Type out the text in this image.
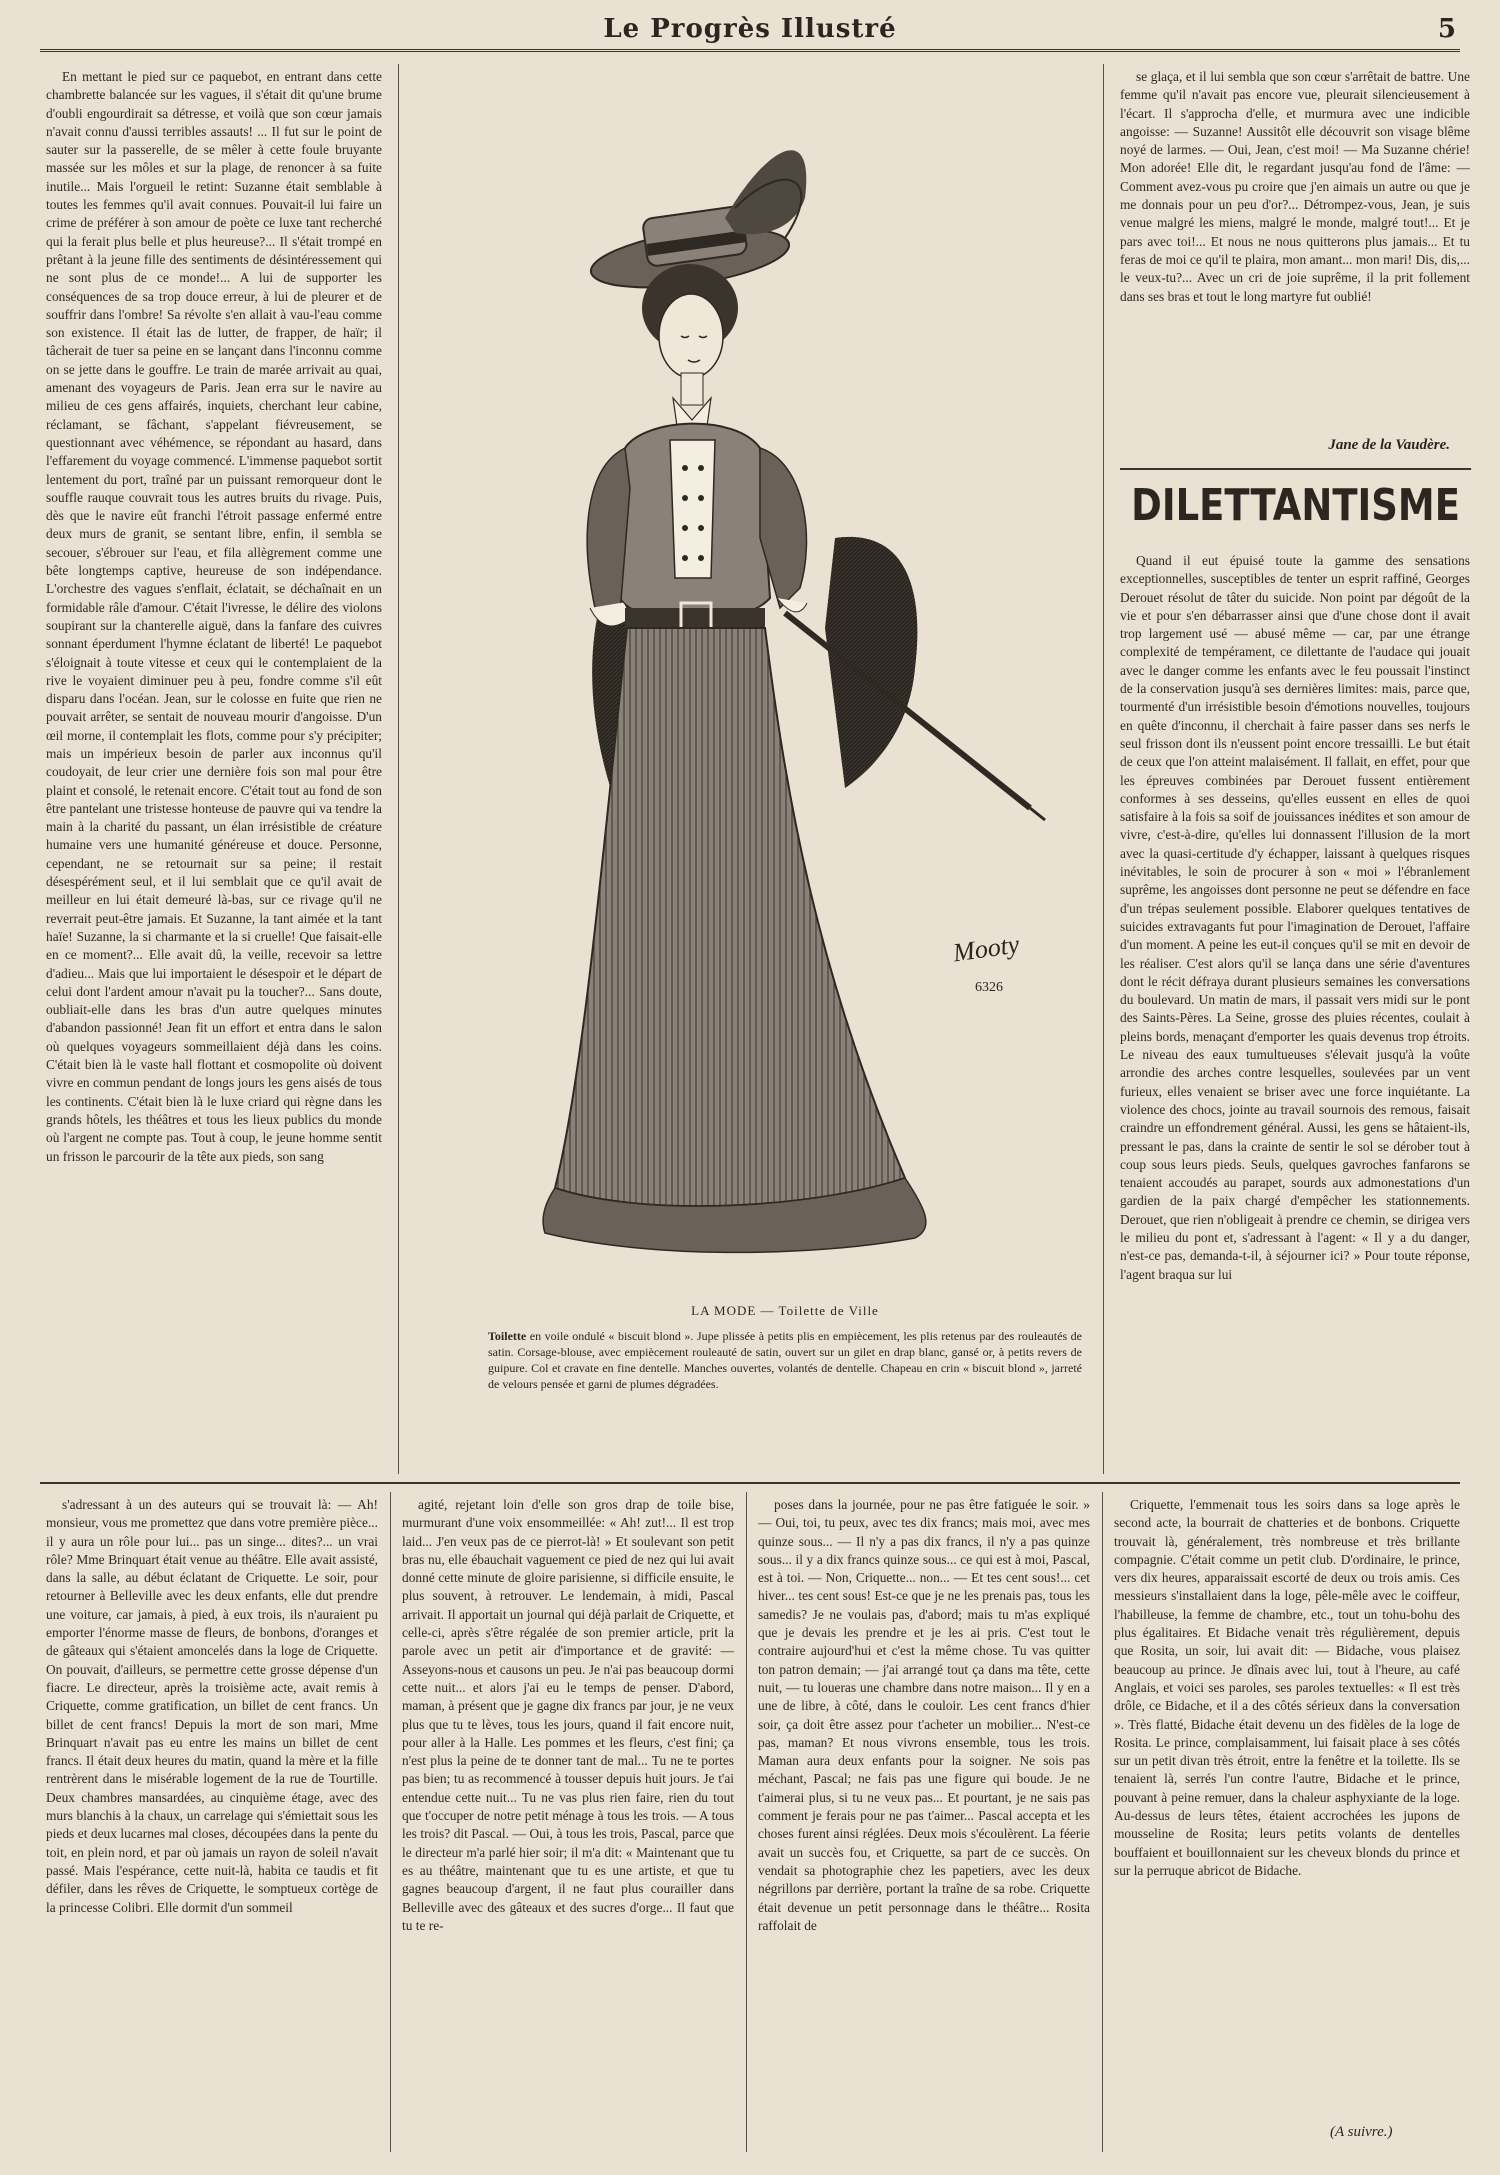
Le Progrès Illustré	5

En mettant le pied sur ce paquebot, en entrant dans cette chambrette balancée sur les vagues, il s'était dit qu'une brume d'oubli engourdirait sa détresse, et voilà que son cœur jamais n'avait connu d'aussi terribles assauts! ... Il fut sur le point de sauter sur la passerelle, de se mêler à cette foule bruyante massée sur les môles et sur la plage, de renoncer à sa fuite inutile... Mais l'orgueil le retint: Suzanne était semblable à toutes les femmes qu'il avait connues. Pouvait-il lui faire un crime de préférer à son amour de poète ce luxe tant recherché qui la ferait plus belle et plus heureuse?... Il s'était trompé en prêtant à la jeune fille des sentiments de désintéressement qui ne sont plus de ce monde!... A lui de supporter les conséquences de sa trop douce erreur, à lui de pleurer et de souffrir dans l'ombre! Sa révolte s'en allait à vau-l'eau comme son existence. Il était las de lutter, de frapper, de haïr; il tâcherait de tuer sa peine en se lançant dans l'inconnu comme on se jette dans le gouffre. Le train de marée arrivait au quai, amenant des voyageurs de Paris. Jean erra sur le navire au milieu de ces gens affairés, inquiets, cherchant leur cabine, réclamant, se fâchant, s'appelant fiévreusement, se questionnant avec véhémence, se répondant au hasard, dans l'effarement du voyage commencé. L'immense paquebot sortit lentement du port, traîné par un puissant remorqueur dont le souffle rauque couvrait tous les autres bruits du rivage. Puis, dès que le navire eût franchi l'étroit passage enfermé entre deux murs de granit, se sentant libre, enfin, il sembla se secouer, s'ébrouer sur l'eau, et fila allègrement comme une bête longtemps captive, heureuse de son indépendance. L'orchestre des vagues s'enflait, éclatait, se déchaînait en un formidable râle d'amour. C'était l'ivresse, le délire des violons soupirant sur la chanterelle aiguë, dans la fanfare des cuivres sonnant éperdument l'hymne éclatant de liberté! Le paquebot s'éloignait à toute vitesse et ceux qui le contemplaient de la rive le voyaient diminuer peu à peu, fondre comme s'il eût disparu dans l'océan. Jean, sur le colosse en fuite que rien ne pouvait arrêter, se sentait de nouveau mourir d'angoisse. D'un œil morne, il contemplait les flots, comme pour s'y précipiter; mais un impérieux besoin de parler aux inconnus qu'il coudoyait, de leur crier une dernière fois son mal pour être plaint et consolé, le retenait encore. C'était tout au fond de son être pantelant une tristesse honteuse de pauvre qui va tendre la main à la charité du passant, un élan irrésistible de créature humaine vers une humanité généreuse et douce. Personne, cependant, ne se retournait sur sa peine; il restait désespérément seul, et il lui semblait que ce qu'il avait de meilleur en lui était demeuré là-bas, sur ce rivage qu'il ne reverrait peut-être jamais. Et Suzanne, la tant aimée et la tant haïe! Suzanne, la si charmante et la si cruelle! Que faisait-elle en ce moment?... Elle avait dû, la veille, recevoir sa lettre d'adieu... Mais que lui importaient le désespoir et le départ de celui dont l'ardent amour n'avait pu la toucher?... Sans doute, oubliait-elle dans les bras d'un autre quelques minutes d'abandon passionné! Jean fit un effort et entra dans le salon où quelques voyageurs sommeillaient déjà dans les coins. C'était bien là le vaste hall flottant et cosmopolite où doivent vivre en commun pendant de longs jours les gens aisés de tous les continents. C'était bien là le luxe criard qui règne dans les grands hôtels, les théâtres et tous les lieux publics du monde où l'argent ne compte pas. Tout à coup, le jeune homme sentit un frisson le parcourir de la tête aux pieds, son sang

Mooty
6326
LA MODE — Toilette de Ville
Toilette en voile ondulé « biscuit blond ». Jupe plissée à petits plis en empiècement, les plis retenus par des rouleautés de satin. Corsage-blouse, avec empiècement rouleauté de satin, ouvert sur un gilet en drap blanc, gansé or, à petits revers de guipure. Col et cravate en fine dentelle. Manches ouvertes, volantés de dentelle. Chapeau en crin « biscuit blond », jarreté de velours pensée et garni de plumes dégradées.

se glaça, et il lui sembla que son cœur s'arrêtait de battre. Une femme qu'il n'avait pas encore vue, pleurait silencieusement à l'écart. Il s'approcha d'elle, et murmura avec une indicible angoisse: — Suzanne! Aussitôt elle découvrit son visage blême noyé de larmes. — Oui, Jean, c'est moi! — Ma Suzanne chérie! Mon adorée! Elle dit, le regardant jusqu'au fond de l'âme: — Comment avez-vous pu croire que j'en aimais un autre ou que je me donnais pour un peu d'or?... Détrompez-vous, Jean, je suis venue malgré les miens, malgré le monde, malgré tout!... Et je pars avec toi!... Et nous ne nous quitterons plus jamais... Et tu feras de moi ce qu'il te plaira, mon amant... mon mari! Dis, dis,... le veux-tu?... Avec un cri de joie suprême, il la prit follement dans ses bras et tout le long martyre fut oublié!

Jane de la Vaudère.
DILETTANTISME

Quand il eut épuisé toute la gamme des sensations exceptionnelles, susceptibles de tenter un esprit raffiné, Georges Derouet résolut de tâter du suicide. Non point par dégoût de la vie et pour s'en débarrasser ainsi que d'une chose dont il avait trop largement usé — abusé même — car, par une étrange complexité de tempérament, ce dilettante de l'audace qui jouait avec le danger comme les enfants avec le feu poussait l'instinct de la conservation jusqu'à ses dernières limites: mais, parce que, tourmenté d'un irrésistible besoin d'émotions nouvelles, toujours en quête d'inconnu, il cherchait à faire passer dans ses nerfs le seul frisson dont ils n'eussent point encore tressailli. Le but était de ceux que l'on atteint malaisément. Il fallait, en effet, pour que les épreuves combinées par Derouet fussent entièrement conformes à ses desseins, qu'elles eussent en elles de quoi satisfaire à la fois sa soif de jouissances inédites et son amour de vivre, c'est-à-dire, qu'elles lui donnassent l'illusion de la mort avec la quasi-certitude d'y échapper, laissant à quelques risques inévitables, le soin de procurer à son « moi » l'ébranlement suprême, les angoisses dont personne ne peut se défendre en face d'un trépas seulement possible. Elaborer quelques tentatives de suicides extravagants fut pour l'imagination de Derouet, l'affaire d'un moment. A peine les eut-il conçues qu'il se mit en devoir de les réaliser. C'est alors qu'il se lança dans une série d'aventures dont le récit défraya durant plusieurs semaines les conversations du boulevard. Un matin de mars, il passait vers midi sur le pont des Saints-Pères. La Seine, grosse des pluies récentes, coulait à pleins bords, menaçant d'emporter les quais devenus trop étroits. Le niveau des eaux tumultueuses s'élevait jusqu'à la voûte arrondie des arches contre lesquelles, soulevées par un vent furieux, elles venaient se briser avec une force inquiétante. La violence des chocs, jointe au travail sournois des remous, faisait craindre un effondrement général. Aussi, les gens se hâtaient-ils, pressant le pas, dans la crainte de sentir le sol se dérober tout à coup sous leurs pieds. Seuls, quelques gavroches fanfarons se tenaient accoudés au parapet, sourds aux admonestations d'un gardien de la paix chargé d'empêcher les stationnements. Derouet, que rien n'obligeait à prendre ce chemin, se dirigea vers le milieu du pont et, s'adressant à l'agent: « Il y a du danger, n'est-ce pas, demanda-t-il, à séjourner ici? » Pour toute réponse, l'agent braqua sur lui

s'adressant à un des auteurs qui se trouvait là: — Ah! monsieur, vous me promettez que dans votre première pièce... il y aura un rôle pour lui... pas un singe... dites?... un vrai rôle? Mme Brinquart était venue au théâtre. Elle avait assisté, dans la salle, au début éclatant de Criquette. Le soir, pour retourner à Belleville avec les deux enfants, elle dut prendre une voiture, car jamais, à pied, à eux trois, ils n'auraient pu emporter l'énorme masse de fleurs, de bonbons, d'oranges et de gâteaux qui s'étaient amoncelés dans la loge de Criquette. On pouvait, d'ailleurs, se permettre cette grosse dépense d'un fiacre. Le directeur, après la troisième acte, avait remis à Criquette, comme gratification, un billet de cent francs. Un billet de cent francs! Depuis la mort de son mari, Mme Brinquart n'avait pas eu entre les mains un billet de cent francs. Il était deux heures du matin, quand la mère et la fille rentrèrent dans le misérable logement de la rue de Tourtille. Deux chambres mansardées, au cinquième étage, avec des murs blanchis à la chaux, un carrelage qui s'émiettait sous les pieds et deux lucarnes mal closes, découpées dans la pente du toit, en plein nord, et par où jamais un rayon de soleil n'avait passé. Mais l'espérance, cette nuit-là, habita ce taudis et fit défiler, dans les rêves de Criquette, le somptueux cortège de la princesse Colibri. Elle dormit d'un sommeil

agité, rejetant loin d'elle son gros drap de toile bise, murmurant d'une voix ensommeillée: « Ah! zut!... Il est trop laid... J'en veux pas de ce pierrot-là! » Et soulevant son petit bras nu, elle ébauchait vaguement ce pied de nez qui lui avait donné cette minute de gloire parisienne, si difficile ensuite, le plus souvent, à retrouver. Le lendemain, à midi, Pascal arrivait. Il apportait un journal qui déjà parlait de Criquette, et celle-ci, après s'être régalée de son premier article, prit la parole avec un petit air d'importance et de gravité: — Asseyons-nous et causons un peu. Je n'ai pas beaucoup dormi cette nuit... et alors j'ai eu le temps de penser. D'abord, maman, à présent que je gagne dix francs par jour, je ne veux plus que tu te lèves, tous les jours, quand il fait encore nuit, pour aller à la Halle. Les pommes et les fleurs, c'est fini; ça n'est plus la peine de te donner tant de mal... Tu ne te portes pas bien; tu as recommencé à tousser depuis huit jours. Je t'ai entendue cette nuit... Tu ne vas plus rien faire, rien du tout que t'occuper de notre petit ménage à tous les trois. — A tous les trois? dit Pascal. — Oui, à tous les trois, Pascal, parce que le directeur m'a parlé hier soir; il m'a dit: « Maintenant que tu es au théâtre, maintenant que tu es une artiste, et que tu gagnes beaucoup d'argent, il ne faut plus courailler dans Belleville avec des gâteaux et des sucres d'orge... Il faut que tu te re-

poses dans la journée, pour ne pas être fatiguée le soir. » — Oui, toi, tu peux, avec tes dix francs; mais moi, avec mes quinze sous... — Il n'y a pas dix francs, il n'y a pas quinze sous... il y a dix francs quinze sous... ce qui est à moi, Pascal, est à toi. — Non, Criquette... non... — Et tes cent sous!... cet hiver... tes cent sous! Est-ce que je ne les prenais pas, tous les samedis? Je ne voulais pas, d'abord; mais tu m'as expliqué que je devais les prendre et je les ai pris. C'est tout le contraire aujourd'hui et c'est la même chose. Tu vas quitter ton patron demain; — j'ai arrangé tout ça dans ma tête, cette nuit, — tu loueras une chambre dans notre maison... Il y en a une de libre, à côté, dans le couloir. Les cent francs d'hier soir, ça doit être assez pour t'acheter un mobilier... N'est-ce pas, maman? Et nous vivrons ensemble, tous les trois. Maman aura deux enfants pour la soigner. Ne sois pas méchant, Pascal; ne fais pas une figure qui boude. Je ne t'aimerai plus, si tu ne veux pas... Et pourtant, je ne sais pas comment je ferais pour ne pas t'aimer... Pascal accepta et les choses furent ainsi réglées. Deux mois s'écoulèrent. La féerie avait un succès fou, et Criquette, sa part de ce succès. On vendait sa photographie chez les papetiers, avec les deux négrillons par derrière, portant la traîne de sa robe. Criquette était devenue un petit personnage dans le théâtre... Rosita raffolait de

Criquette, l'emmenait tous les soirs dans sa loge après le second acte, la bourrait de chatteries et de bonbons. Criquette trouvait là, généralement, très nombreuse et très brillante compagnie. C'était comme un petit club. D'ordinaire, le prince, vers dix heures, apparaissait escorté de deux ou trois amis. Ces messieurs s'installaient dans la loge, pêle-mêle avec le coiffeur, l'habilleuse, la femme de chambre, etc., tout un tohu-bohu des plus égalitaires. Et Bidache venait très régulièrement, depuis que Rosita, un soir, lui avait dit: — Bidache, vous plaisez beaucoup au prince. Je dînais avec lui, tout à l'heure, au café Anglais, et voici ses paroles, ses paroles textuelles: « Il est très drôle, ce Bidache, et il a des côtés sérieux dans la conversation ». Très flatté, Bidache était devenu un des fidèles de la loge de Rosita. Le prince, complaisamment, lui faisait place à ses côtés sur un petit divan très étroit, entre la fenêtre et la toilette. Ils se tenaient là, serrés l'un contre l'autre, Bidache et le prince, pouvant à peine remuer, dans la chaleur asphyxiante de la loge. Au-dessus de leurs têtes, étaient accrochées les jupons de mousseline de Rosita; leurs petits volants de dentelles bouffaient et bouillonnaient sur les cheveux blonds du prince et sur la perruque abricot de Bidache.

(A suivre.)
